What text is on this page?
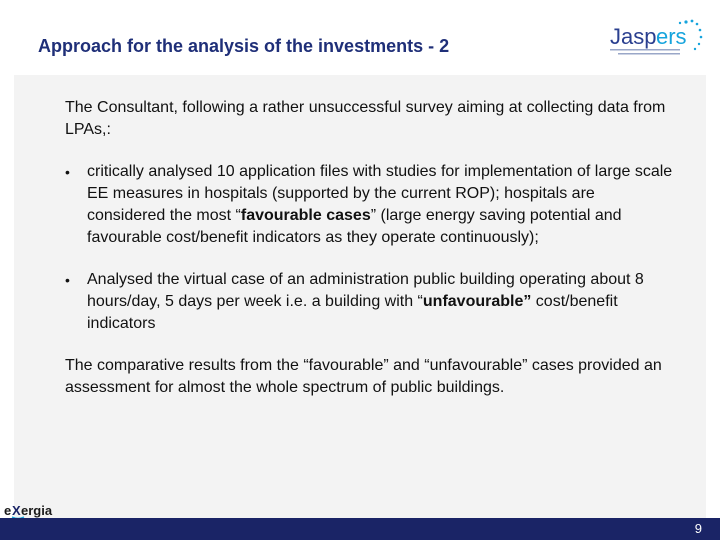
Approach for the analysis of the investments - 2	Jasp ers

The Consultant, following a rather unsuccessful survey aiming at collecting data from LPAs,:

•	critically analysed 10 application files with studies for implementation of large scale EE measures in hospitals (supported by the current ROP); hospitals are considered the most “favourable cases” (large energy saving potential and favourable cost/benefit indicators as they operate continuously);

•	Analysed the virtual case of an administration public building operating about 8 hours/day, 5 days per week i.e. a building with “unfavourable” cost/benefit indicators

The comparative results from the “favourable” and “unfavourable” cases provided an assessment for almost the whole spectrum of public buildings.

e X ergia
9
